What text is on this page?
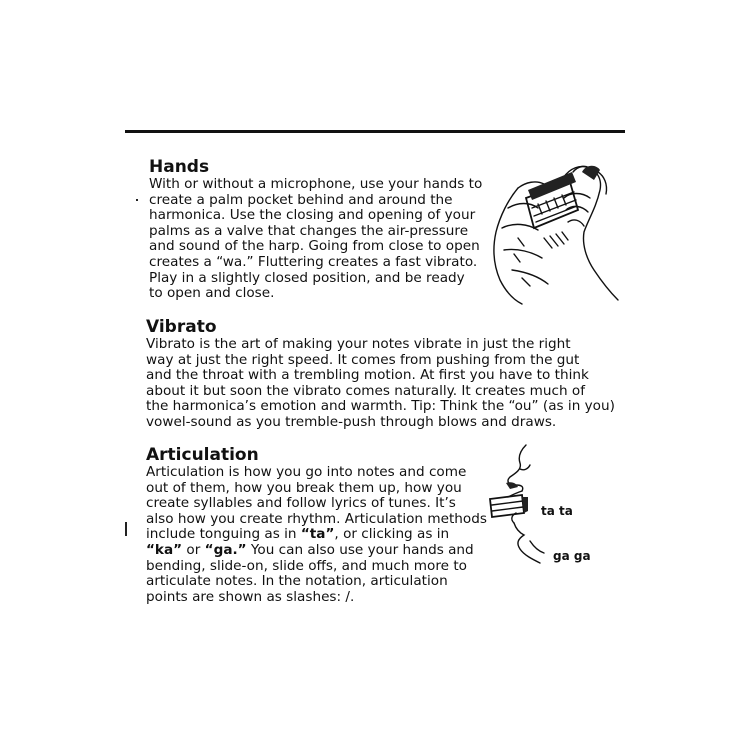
Hands

With or without a microphone, use your hands to
create a palm pocket behind and around the
harmonica. Use the closing and opening of your
palms as a valve that changes the air-pressure
and sound of the harp. Going from close to open
creates a “wa.” Fluttering creates a fast vibrato.
Play in a slightly closed position, and be ready
to open and close.

Vibrato

Vibrato is the art of making your notes vibrate in just the right
way at just the right speed. It comes from pushing from the gut
and the throat with a trembling motion. At first you have to think
about it but soon the vibrato comes naturally. It creates much of
the harmonica’s emotion and warmth. Tip: Think the “ou” (as in you)
vowel-sound as you tremble-push through blows and draws.

Articulation
Articulation is how you go into notes and come
out of them, how you break them up, how you
create syllables and follow lyrics of tunes. It’s
also how you create rhythm. Articulation methods
include tonguing as in “ta”, or clicking as in
“ka” or “ga.” You can also use your hands and
bending, slide-on, slide offs, and much more to
articulate notes. In the notation, articulation
points are shown as slashes: /.
ta ta
ga ga
